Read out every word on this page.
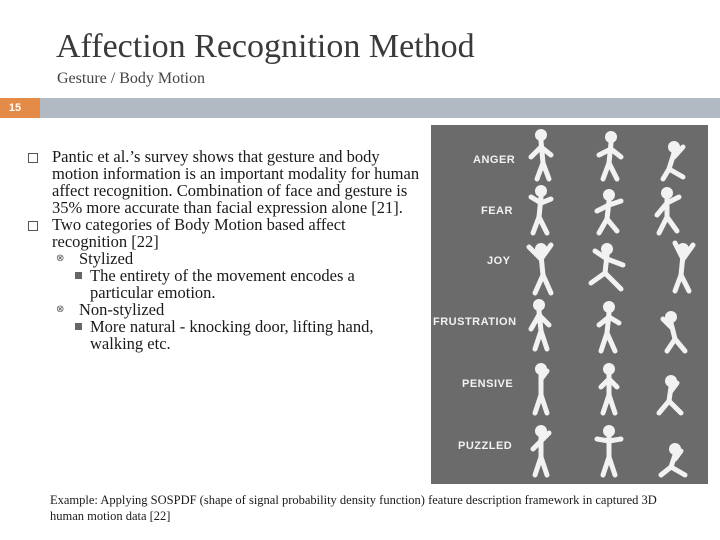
Affection Recognition Method
Gesture / Body Motion
15
Pantic et al.’s survey shows that gesture and body motion information is an important modality for human affect recognition. Combination of face and gesture is 35% more accurate than facial expression alone [21].
Two categories of Body Motion based affect recognition [22]
⊗ Stylized
The entirety of the movement encodes a particular emotion.
⊗ Non-stylized
More natural - knocking door, lifting hand, walking etc.
ANGER
FEAR
JOY
FRUSTRATION
PENSIVE
PUZZLED
Example: Applying SOSPDF (shape of signal probability density function) feature description framework in captured 3D human motion data [22]
